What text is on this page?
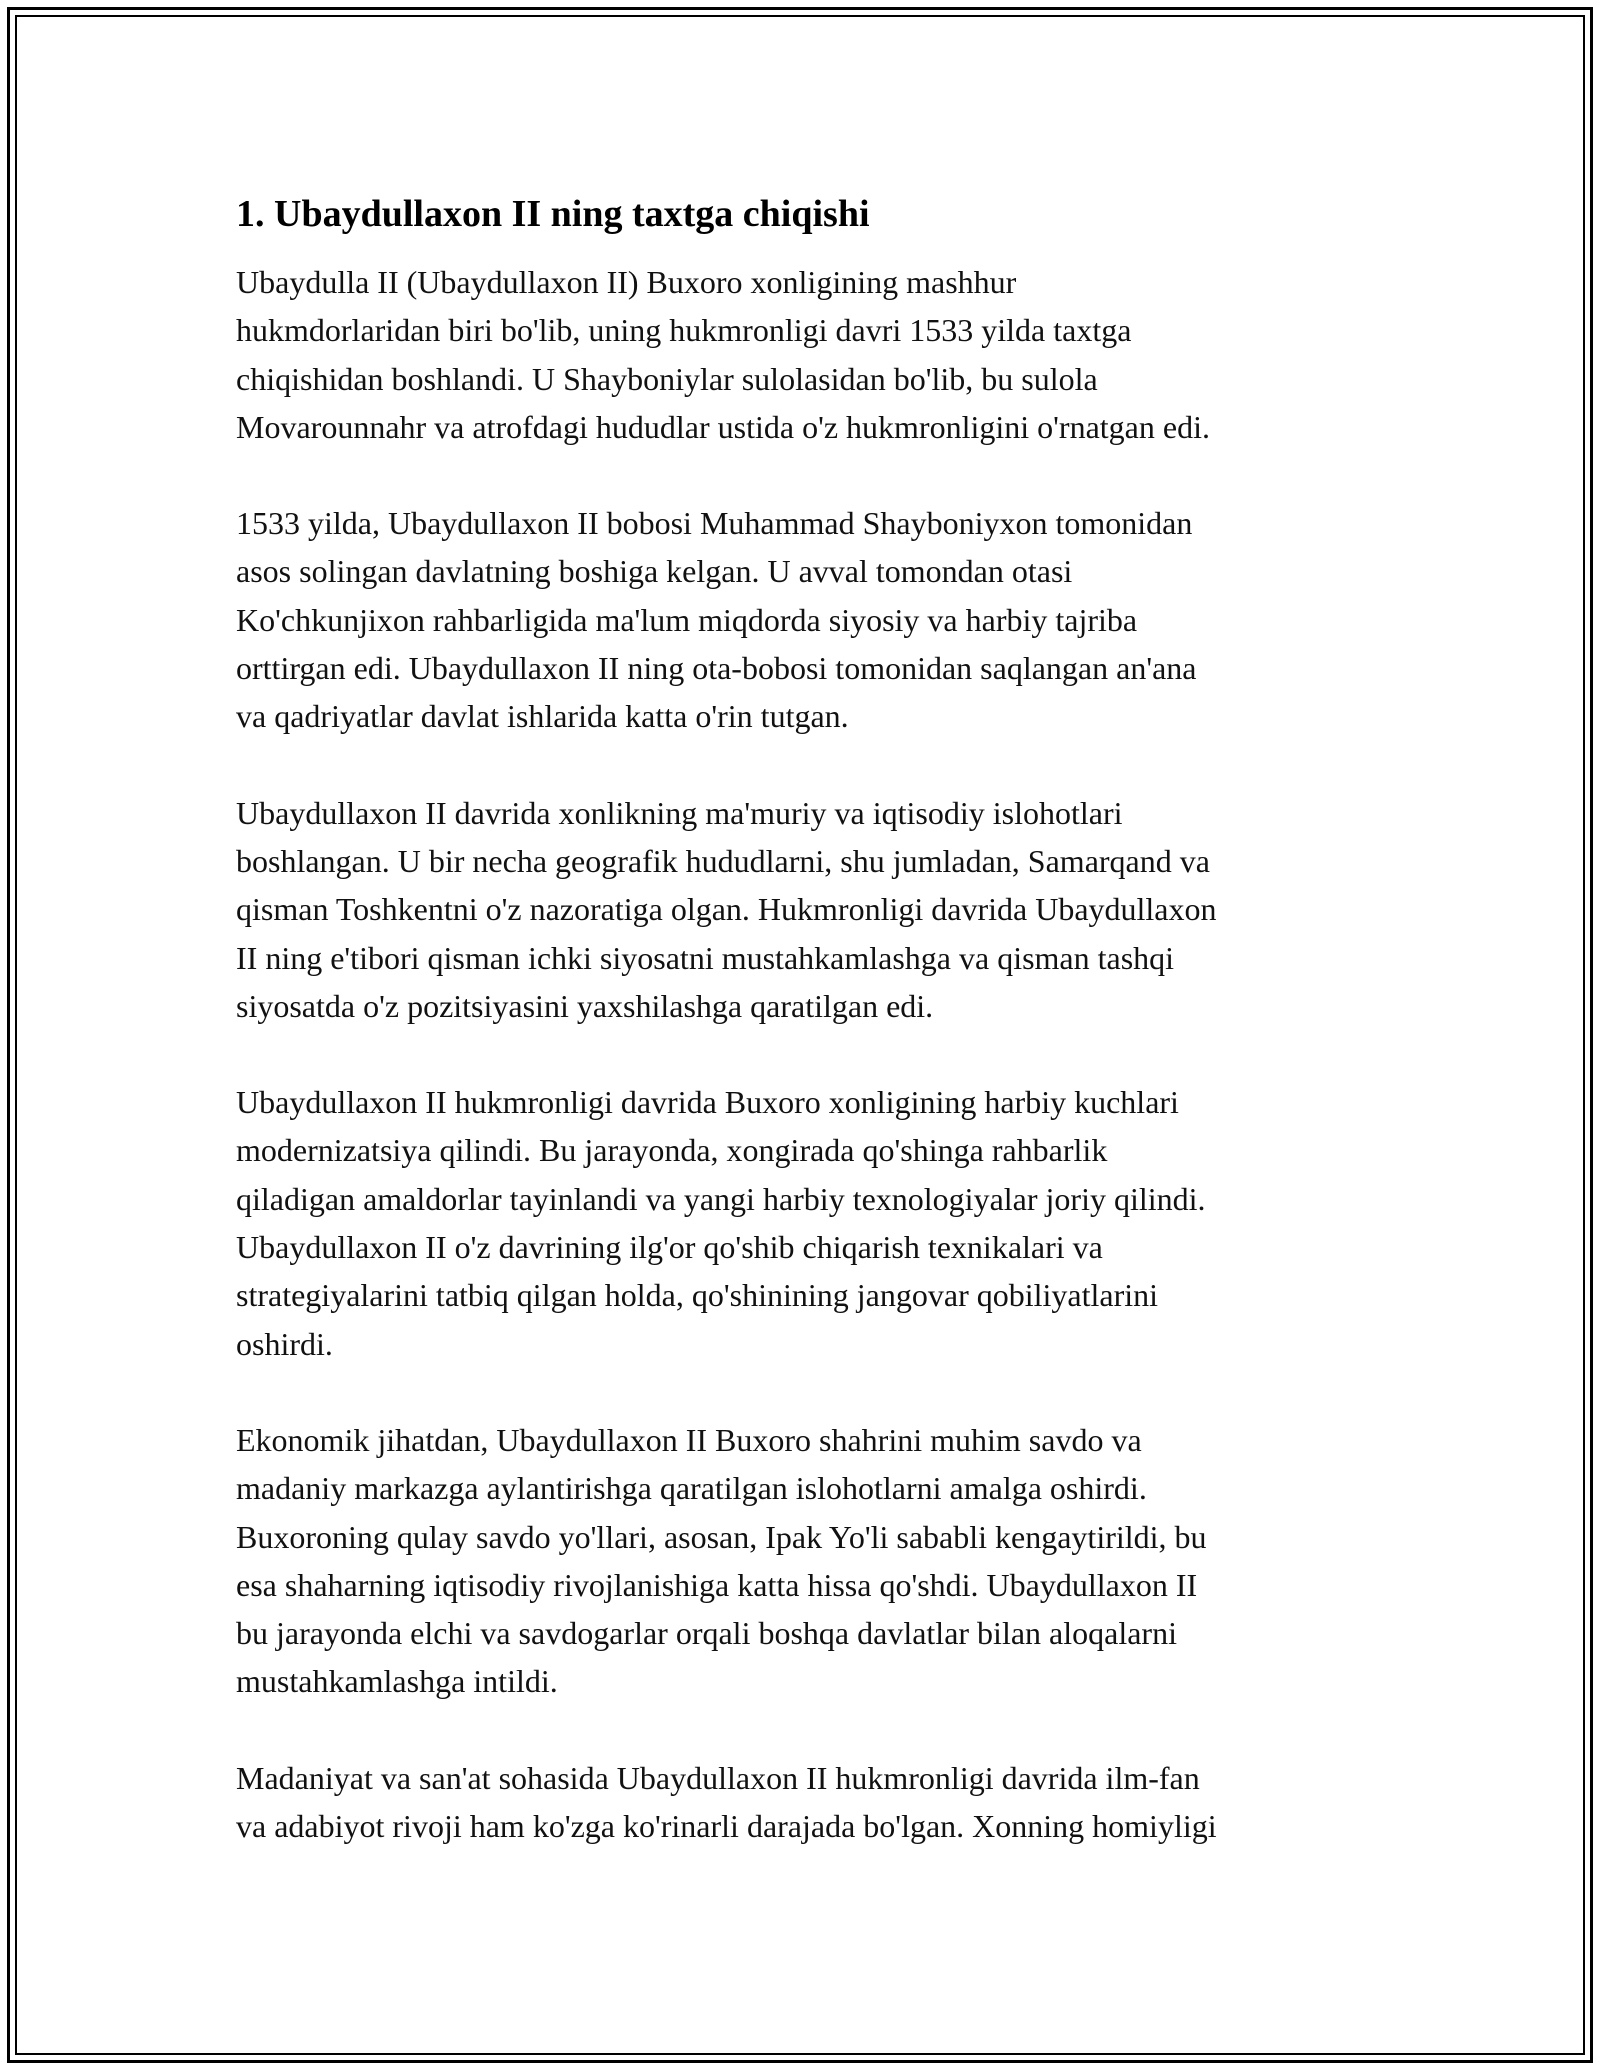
1. Ubaydullaxon II ning taxtga chiqishi

Ubaydulla II (Ubaydullaxon II) Buxoro xonligining mashhur
hukmdorlaridan biri bo'lib, uning hukmronligi davri 1533 yilda taxtga
chiqishidan boshlandi. U Shayboniylar sulolasidan bo'lib, bu sulola
Movarounnahr va atrofdagi hududlar ustida o'z hukmronligini o'rnatgan edi.

1533 yilda, Ubaydullaxon II bobosi Muhammad Shayboniyxon tomonidan
asos solingan davlatning boshiga kelgan. U avval tomondan otasi
Ko'chkunjixon rahbarligida ma'lum miqdorda siyosiy va harbiy tajriba
orttirgan edi. Ubaydullaxon II ning ota-bobosi tomonidan saqlangan an'ana
va qadriyatlar davlat ishlarida katta o'rin tutgan.

Ubaydullaxon II davrida xonlikning ma'muriy va iqtisodiy islohotlari
boshlangan. U bir necha geografik hududlarni, shu jumladan, Samarqand va
qisman Toshkentni o'z nazoratiga olgan. Hukmronligi davrida Ubaydullaxon
II ning e'tibori qisman ichki siyosatni mustahkamlashga va qisman tashqi
siyosatda o'z pozitsiyasini yaxshilashga qaratilgan edi.

Ubaydullaxon II hukmronligi davrida Buxoro xonligining harbiy kuchlari
modernizatsiya qilindi. Bu jarayonda, xongirada qo'shinga rahbarlik
qiladigan amaldorlar tayinlandi va yangi harbiy texnologiyalar joriy qilindi.
Ubaydullaxon II o'z davrining ilg'or qo'shib chiqarish texnikalari va
strategiyalarini tatbiq qilgan holda, qo'shinining jangovar qobiliyatlarini
oshirdi.

Ekonomik jihatdan, Ubaydullaxon II Buxoro shahrini muhim savdo va
madaniy markazga aylantirishga qaratilgan islohotlarni amalga oshirdi.
Buxoroning qulay savdo yo'llari, asosan, Ipak Yo'li sababli kengaytirildi, bu
esa shaharning iqtisodiy rivojlanishiga katta hissa qo'shdi. Ubaydullaxon II
bu jarayonda elchi va savdogarlar orqali boshqa davlatlar bilan aloqalarni
mustahkamlashga intildi.

Madaniyat va san'at sohasida Ubaydullaxon II hukmronligi davrida ilm-fan
va adabiyot rivoji ham ko'zga ko'rinarli darajada bo'lgan. Xonning homiyligi
